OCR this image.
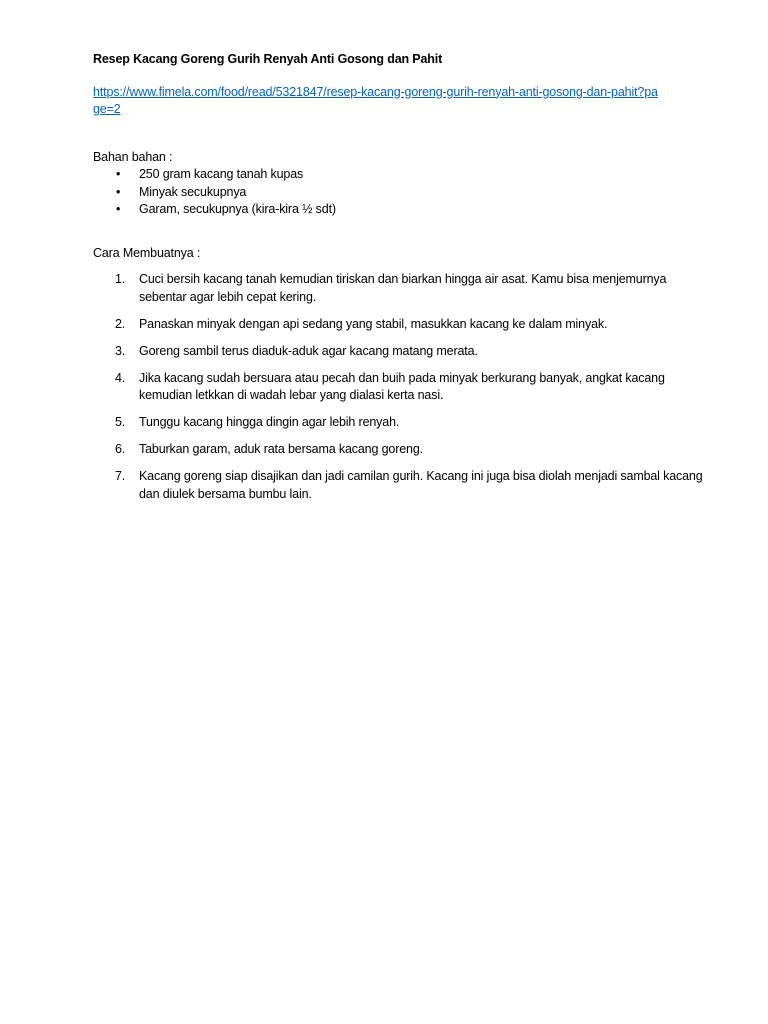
Resep Kacang Goreng Gurih Renyah Anti Gosong dan Pahit

https://www.fimela.com/food/read/5321847/resep-kacang-goreng-gurih-renyah-anti-gosong-dan-pahit?page=2

Bahan bahan :

• 250 gram kacang tanah kupas
• Minyak secukupnya
• Garam, secukupnya (kira-kira ½ sdt)

Cara Membuatnya :

1. Cuci bersih kacang tanah kemudian tiriskan dan biarkan hingga air asat. Kamu bisa menjemurnya sebentar agar lebih cepat kering.
2. Panaskan minyak dengan api sedang yang stabil, masukkan kacang ke dalam minyak.
3. Goreng sambil terus diaduk-aduk agar kacang matang merata.
4. Jika kacang sudah bersuara atau pecah dan buih pada minyak berkurang banyak, angkat kacang kemudian letkkan di wadah lebar yang dialasi kerta nasi.
5. Tunggu kacang hingga dingin agar lebih renyah.
6. Taburkan garam, aduk rata bersama kacang goreng.
7. Kacang goreng siap disajikan dan jadi camilan gurih. Kacang ini juga bisa diolah menjadi sambal kacang dan diulek bersama bumbu lain.
